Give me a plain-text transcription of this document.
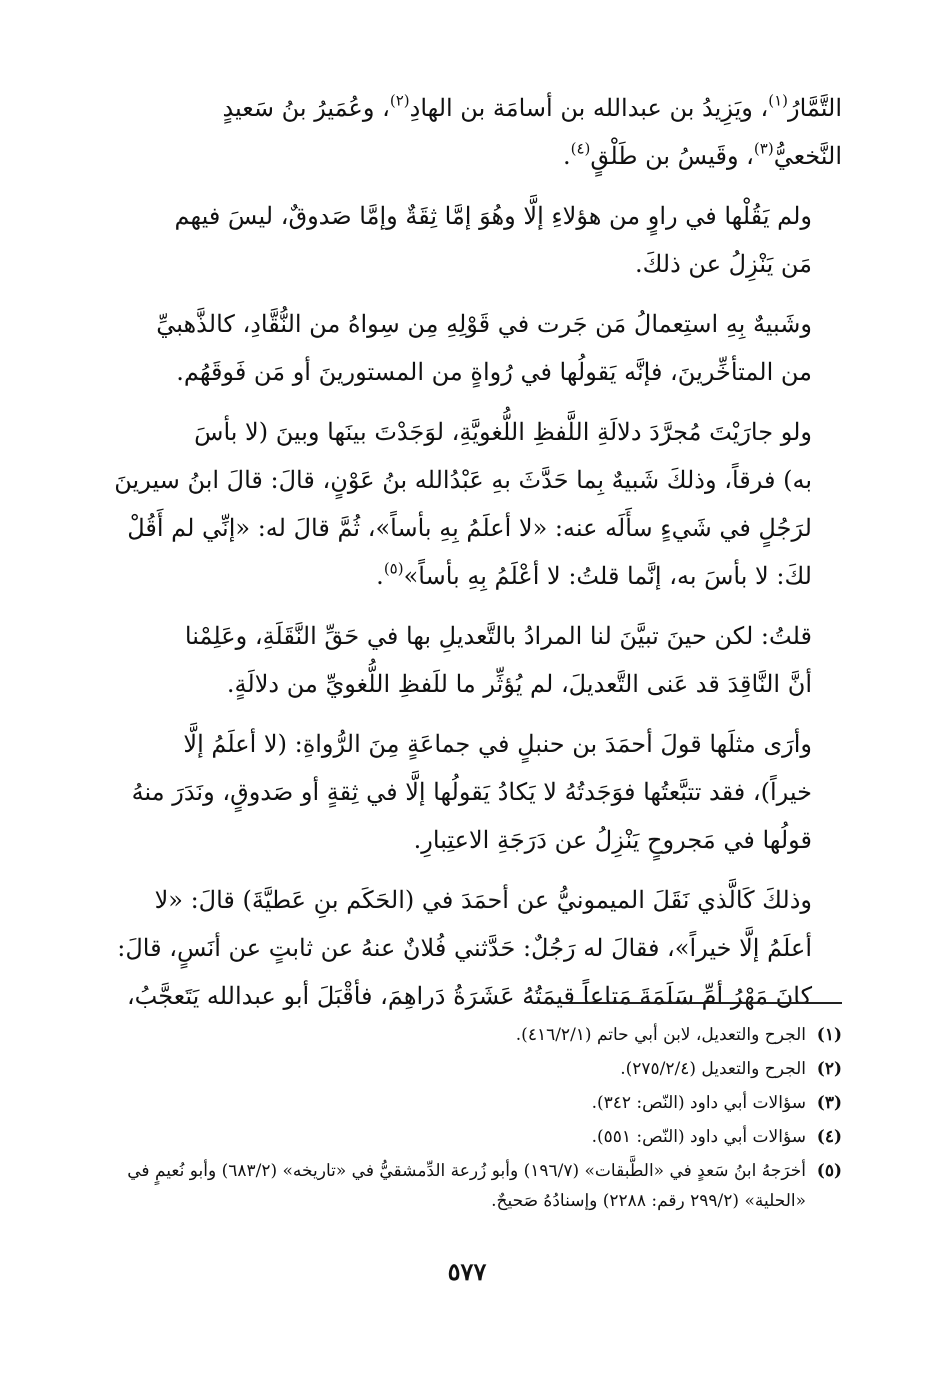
التَّمَّارُ$^{(١)}$، ويَزِيدُ بن عبدالله بن أسامَة بن الهادِ$^{(٢)}$، وعُمَيرُ بنُ سَعيدٍ
النَّخعيُّ$^{(٣)}$، وقَيسُ بن طَلْقٍ$^{(٤)}$.

ولم يَقُلْها في راوٍ من هؤلاءِ إلَّا وهُوَ إمَّا ثِقَةٌ وإمَّا صَدوقٌ، ليسَ فيهم
مَن يَنْزِلُ عن ذلكَ.

وشَبيهٌ بِهِ استِعمالُ مَن جَرت في قَوْلِهِ مِن سِواهُ من النُّقَّادِ، كالذَّهبيِّ
من المتأخِّرينَ، فإنَّه يَقولُها في رُواةٍ من المستورينَ أو مَن فَوقَهُم.

ولو جارَيْتَ مُجرَّدَ دلالَةِ اللَّفظِ اللُّغويَّةِ، لوَجَدْتَ بينَها وبينَ (لا بأسَ
به) فرقاً، وذلكَ شَبيهٌ بِما حَدَّثَ بهِ عَبْدُالله بنُ عَوْنٍ، قالَ: قالَ ابنُ سيرينَ
لرَجُلٍ في شَيءٍ سأَلَه عنه: «لا أعلَمُ بِهِ بأساً»، ثُمَّ قالَ له: «إنِّي لم أَقُلْ
لكَ: لا بأسَ به، إنَّما قلتُ: لا أعْلَمُ بِهِ بأساً»$^{(٥)}$.

قلتُ: لكن حينَ تبيَّنَ لنا المرادُ بالتَّعديلِ بها في حَقِّ النَّقَلَةِ، وعَلِمْنا
أنَّ النَّاقِدَ قد عَنى التَّعديلَ، لم يُؤثِّر ما للَفظِ اللُّغويِّ من دلالَةٍ.

وأرَى مثلَها قولَ أحمَدَ بن حنبلٍ في جماعَةٍ مِنَ الرُّواةِ: (لا أعلَمُ إلَّا
خيراً)، فقد تتبَّعتُها فوَجَدتُهُ لا يَكادُ يَقولُها إلَّا في ثِقةٍ أو صَدوقٍ، ونَدَرَ منهُ
قولُها في مَجروحٍ يَنْزِلُ عن دَرَجَةِ الاعتِبارِ.

وذلكَ كَالَّذي نَقَلَ الميمونيُّ عن أحمَدَ في (الحَكَم بنِ عَطيَّةَ) قالَ: «لا
أعلَمُ إلَّا خيراً»، فقالَ له رَجُلٌ: حَدَّثني فُلانٌ عنهُ عن ثابتٍ عن أنَسٍ، قالَ:
كانَ مَهْرُ أمِّ سَلَمَةَ مَتاعاً قيمَتُهُ عَشَرَةُ دَراهِمَ، فأقْبَلَ أبو عبدالله يَتَعجَّبُ،

(١)
الجرح والتعديل، لابن أبي حاتم (٤١٦/٢/١).
(٢)
الجرح والتعديل (٢٧٥/٢/٤).
(٣)
سؤالات أبي داود (النّص: ٣٤٢).
(٤)
سؤالات أبي داود (النّص: ٥٥١).
(٥)
أخرَجهُ ابنُ سَعدٍ في «الطَّبقات» (١٩٦/٧) وأبو زُرعة الدِّمشقيُّ في «تاريخه» (٦٨٣/٢) وأبو نُعيمٍ في «الحلية» (٢٩٩/٢ رقم: ٢٢٨٨) وإسنادُهُ صَحيحٌ.
٥٧٧
